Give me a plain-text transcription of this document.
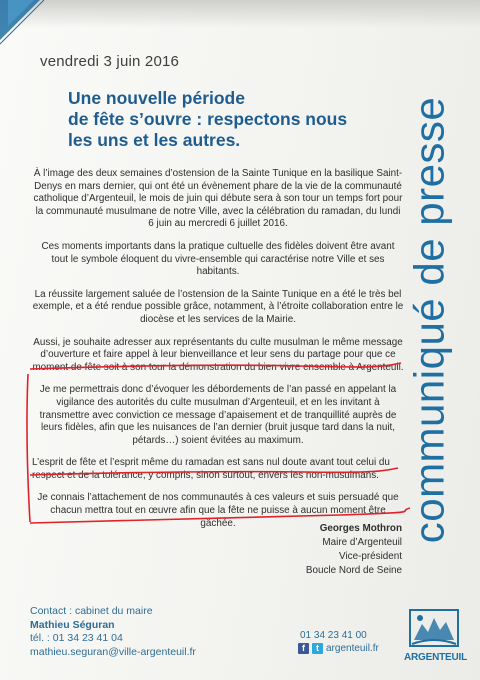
vendredi 3 juin 2016
Une nouvelle période
de fête s’ouvre : respectons nous
les uns et les autres.

À l’image des deux semaines d’ostension de la Sainte Tunique en la basilique Saint-Denys en mars dernier, qui ont été un évènement phare de la vie de la communauté catholique d’Argenteuil, le mois de juin qui débute sera à son tour un temps fort pour la communauté musulmane de notre Ville, avec la célébration du ramadan, du lundi 6 juin au mercredi 6 juillet 2016.

Ces moments importants dans la pratique cultuelle des fidèles doivent être avant tout le symbole éloquent du vivre-ensemble qui caractérise notre Ville et ses habitants.

La réussite largement saluée de l’ostension de la Sainte Tunique en a été le très bel exemple, et a été rendue possible grâce, notamment, à l’étroite collaboration entre le diocèse et les services de la Mairie.

Aussi, je souhaite adresser aux représentants du culte musulman le même message d’ouverture et faire appel à leur bienveillance et leur sens du partage pour que ce moment de fête soit à son tour la démonstration du bien vivre ensemble à Argenteuil.

Je me permettrais donc d’évoquer les débordements de l’an passé en appelant la vigilance des autorités du culte musulman d’Argenteuil, et en les invitant à transmettre avec conviction ce message d’apaisement et de tranquillité auprès de leurs fidèles, afin que les nuisances de l’an dernier (bruit jusque tard dans la nuit, pétards…) soient évitées au maximum.

L’esprit de fête et l’esprit même du ramadan est sans nul doute avant tout celui du respect et de la tolérance, y compris, sinon surtout, envers les non-musulmans.

Je connais l’attachement de nos communautés à ces valeurs et suis persuadé que chacun mettra tout en œuvre afin que la fête ne puisse à aucun moment être gâchée.	Georges Mothron
Maire d’Argenteuil
Vice-président
Boucle Nord de Seine
communiqué de presse
Contact : cabinet du maire
Mathieu Séguran
tél. : 01 34 23 41 04
mathieu.seguran@ville-argenteuil.fr
01 34 23 41 00
f	t argenteuil.fr
ARGENTEUIL
